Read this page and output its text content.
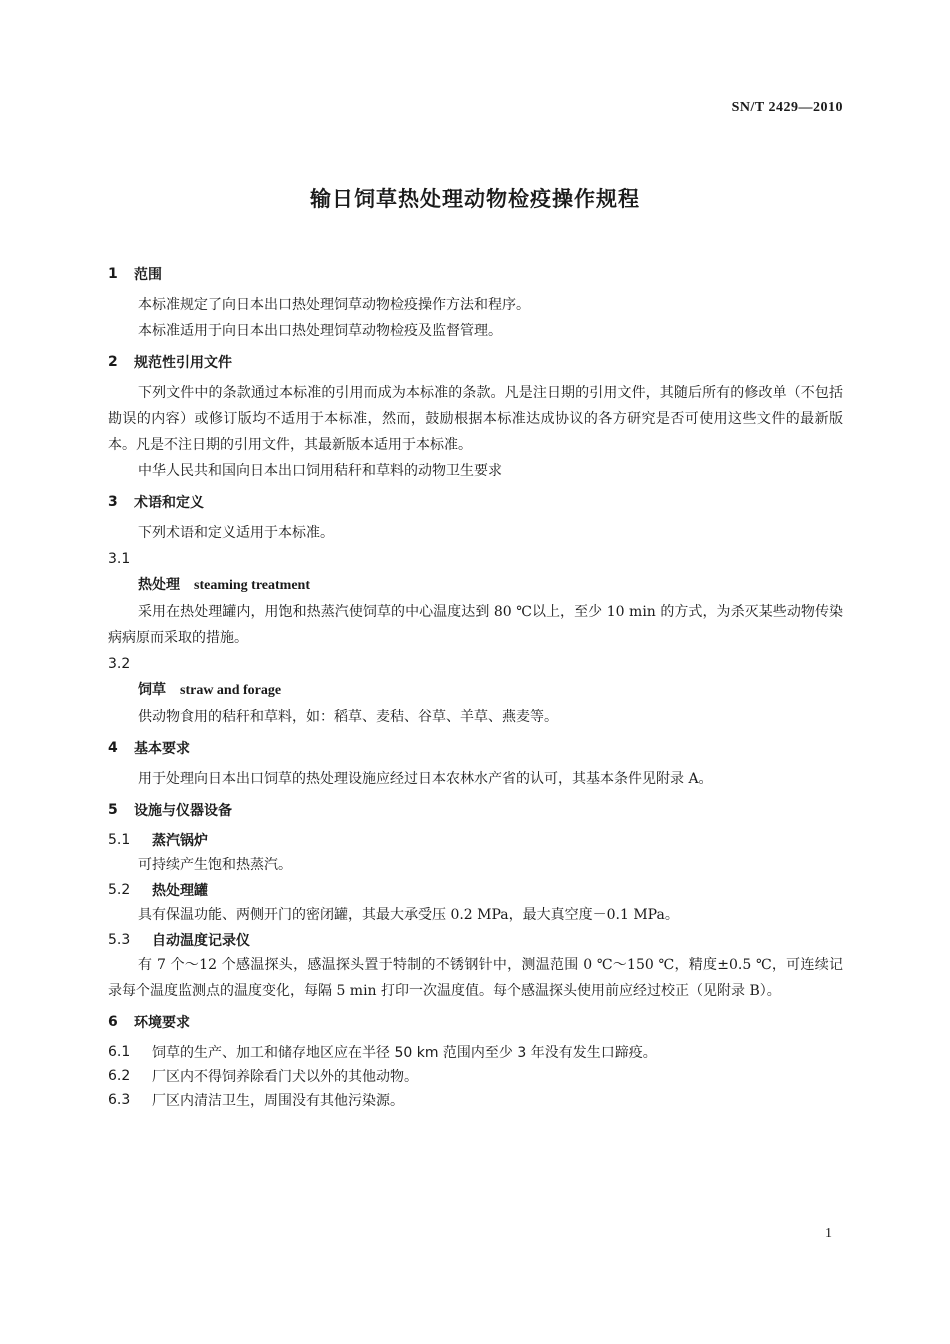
SN/T 2429—2010
输日饲草热处理动物检疫操作规程
1	范围

本标准规定了向日本出口热处理饲草动物检疫操作方法和程序。

本标准适用于向日本出口热处理饲草动物检疫及监督管理。

2	规范性引用文件

下列文件中的条款通过本标准的引用而成为本标准的条款。凡是注日期的引用文件，其随后所有的修改单（不包括勘误的内容）或修订版均不适用于本标准，然而，鼓励根据本标准达成协议的各方研究是否可使用这些文件的最新版本。凡是不注日期的引用文件，其最新版本适用于本标准。

中华人民共和国向日本出口饲用秸秆和草料的动物卫生要求

3	术语和定义

下列术语和定义适用于本标准。

3.1

热处理 steaming treatment

采用在热处理罐内，用饱和热蒸汽使饲草的中心温度达到 80 ℃以上，至少 10 min 的方式，为杀灭某些动物传染病病原而采取的措施。

3.2

饲草 straw and forage

供动物食用的秸秆和草料，如：稻草、麦秸、谷草、羊草、燕麦等。

4	基本要求

用于处理向日本出口饲草的热处理设施应经过日本农林水产省的认可，其基本条件见附录 A。

5	设施与仪器设备
5.1	蒸汽锅炉

可持续产生饱和热蒸汽。

5.2	热处理罐

具有保温功能、两侧开门的密闭罐，其最大承受压 0.2 MPa，最大真空度－0.1 MPa。

5.3	自动温度记录仪

有 7 个～12 个感温探头，感温探头置于特制的不锈钢针中，测温范围 0 ℃～150 ℃，精度±0.5 ℃，可连续记录每个温度监测点的温度变化，每隔 5 min 打印一次温度值。每个感温探头使用前应经过校正（见附录 B）。

6	环境要求
6.1	饲草的生产、加工和储存地区应在半径 50 km 范围内至少 3 年没有发生口蹄疫。
6.2	厂区内不得饲养除看门犬以外的其他动物。
6.3	厂区内清洁卫生，周围没有其他污染源。
1
